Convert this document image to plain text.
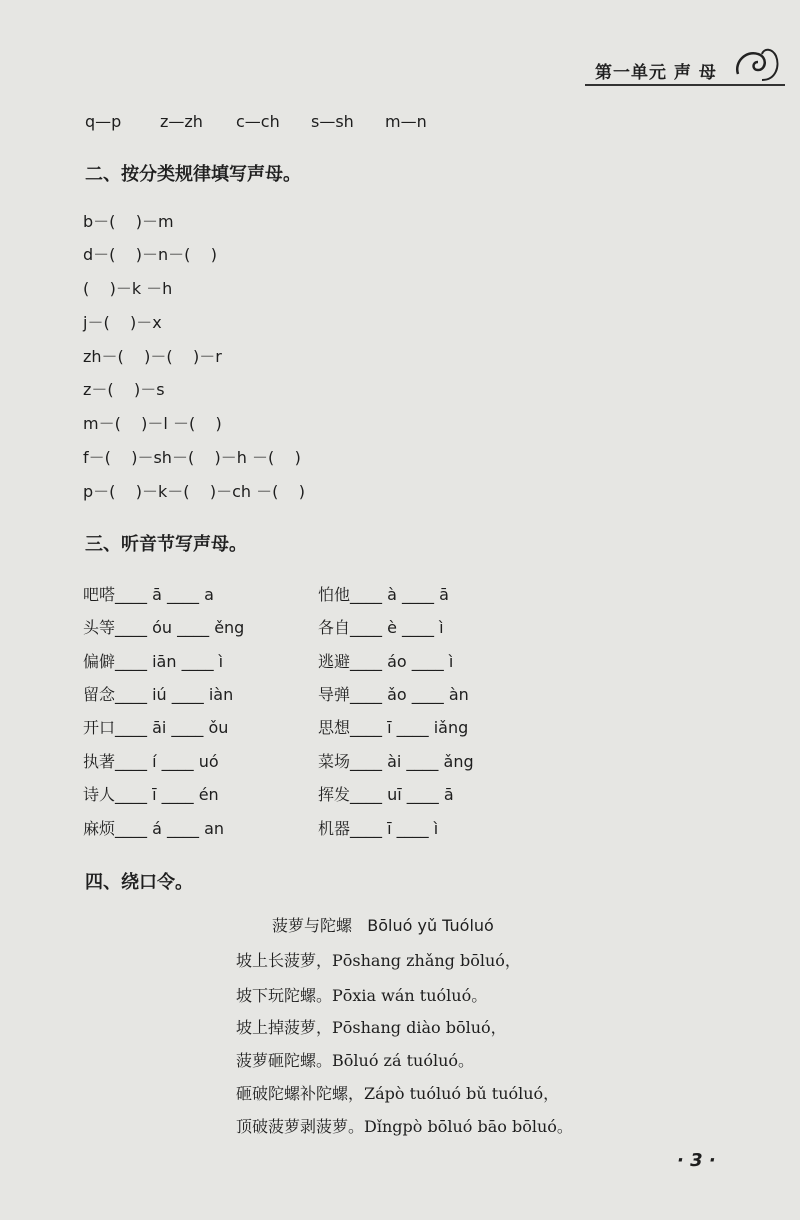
第一单元 声 母
q—p z—zh c—ch s—sh m—n
二、按分类规律填写声母。
b－(    )－m
d－(    )－n－(    )
(    )－k －h
j－(    )－x
zh－(    )－(    )－r
z－(    )－s
m－(    )－l －(    )
f－(    )－sh－(    )－h －(    )
p－(    )－k－(    )－ch －(    )
三、听音节写声母。
吧嗒____ ā ____ a
头等____ óu ____ ěng
偏僻____ iān ____ ì
留念____ iú ____ iàn
开口____ āi ____ ǒu
执著____ í ____ uó
诗人____ ī ____ én
麻烦____ á ____ an
怕他____ à ____ ā
各自____ è ____ ì
逃避____ áo ____ ì
导弹____ ǎo ____ àn
思想____ ī ____ iǎng
菜场____ ài ____ ǎng
挥发____ uī ____ ā
机器____ ī ____ ì
四、绕口令。
菠萝与陀螺   Bōluó yǔ Tuóluó
坡上长菠萝，Pōshang zhǎng bōluó，
坡下玩陀螺。Pōxia wán tuóluó。
坡上掉菠萝，Pōshang diào bōluó，
菠萝砸陀螺。Bōluó zá tuóluó。
砸破陀螺补陀螺，Zápò tuóluó bǔ tuóluó，
顶破菠萝剥菠萝。Dǐngpò bōluó bāo bōluó。
· 3 ·
